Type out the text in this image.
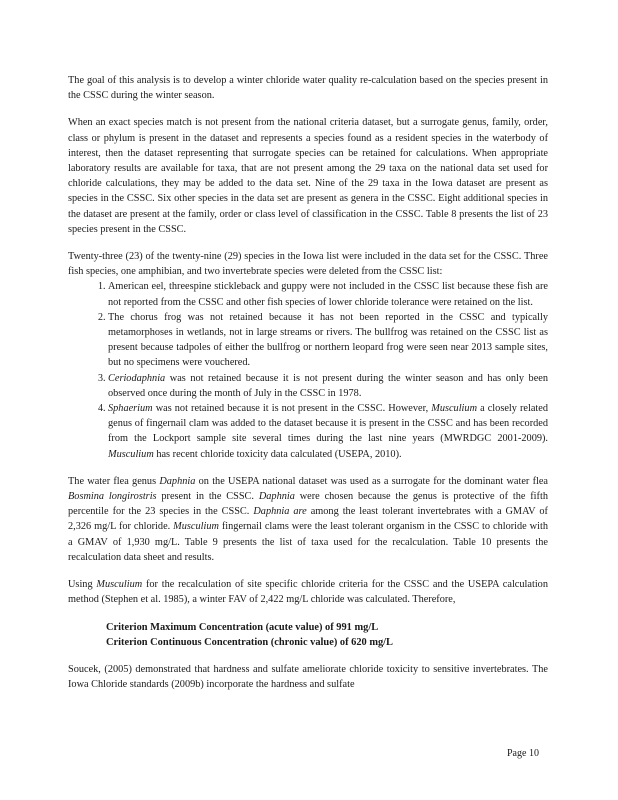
The goal of this analysis is to develop a winter chloride water quality re-calculation based on the species present in the CSSC during the winter season.

When an exact species match is not present from the national criteria dataset, but a surrogate genus, family, order, class or phylum is present in the dataset and represents a species found as a resident species in the waterbody of interest, then the dataset representing that surrogate species can be retained for calculations. When appropriate laboratory results are available for taxa, that are not present among the 29 taxa on the national data set used for chloride calculations, they may be added to the data set. Nine of the 29 taxa in the Iowa dataset are present as species in the CSSC. Six other species in the data set are present as genera in the CSSC. Eight additional species in the dataset are present at the family, order or class level of classification in the CSSC. Table 8 presents the list of 23 species present in the CSSC.

Twenty-three (23) of the twenty-nine (29) species in the Iowa list were included in the data set for the CSSC. Three fish species, one amphibian, and two invertebrate species were deleted from the CSSC list:

1. American eel, threespine stickleback and guppy were not included in the CSSC list because these fish are not reported from the CSSC and other fish species of lower chloride tolerance were retained on the list.
2. The chorus frog was not retained because it has not been reported in the CSSC and typically metamorphoses in wetlands, not in large streams or rivers. The bullfrog was retained on the CSSC list as present because tadpoles of either the bullfrog or northern leopard frog were seen near 2013 sample sites, but no specimens were vouchered.
3. Ceriodaphnia was not retained because it is not present during the winter season and has only been observed once during the month of July in the CSSC in 1978.
4. Sphaerium was not retained because it is not present in the CSSC. However, Musculium a closely related genus of fingernail clam was added to the dataset because it is present in the CSSC and has been recorded from the Lockport sample site several times during the last nine years (MWRDGC 2001-2009). Musculium has recent chloride toxicity data calculated (USEPA, 2010).

The water flea genus Daphnia on the USEPA national dataset was used as a surrogate for the dominant water flea Bosmina longirostris present in the CSSC. Daphnia were chosen because the genus is protective of the fifth percentile for the 23 species in the CSSC. Daphnia are among the least tolerant invertebrates with a GMAV of 2,326 mg/L for chloride. Musculium fingernail clams were the least tolerant organism in the CSSC to chloride with a GMAV of 1,930 mg/L. Table 9 presents the list of taxa used for the recalculation. Table 10 presents the recalculation data sheet and results.

Using Musculium for the recalculation of site specific chloride criteria for the CSSC and the USEPA calculation method (Stephen et al. 1985), a winter FAV of 2,422 mg/L chloride was calculated. Therefore,

Criterion Maximum Concentration (acute value) of 991 mg/L
Criterion Continuous Concentration (chronic value) of 620 mg/L

Soucek, (2005) demonstrated that hardness and sulfate ameliorate chloride toxicity to sensitive invertebrates. The Iowa Chloride standards (2009b) incorporate the hardness and sulfate

Page 10
